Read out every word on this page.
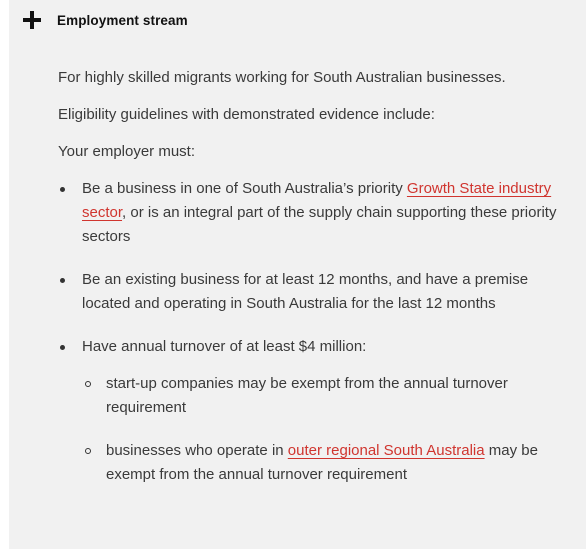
Employment stream

For highly skilled migrants working for South Australian businesses.

Eligibility guidelines with demonstrated evidence include:

Your employer must:

Be a business in one of South Australia’s priority Growth State industry sector, or is an integral part of the supply chain supporting these priority sectors
Be an existing business for at least 12 months, and have a premise located and operating in South Australia for the last 12 months
Have annual turnover of at least $4 million:
start-up companies may be exempt from the annual turnover requirement
businesses who operate in outer regional South Australia may be exempt from the annual turnover requirement
